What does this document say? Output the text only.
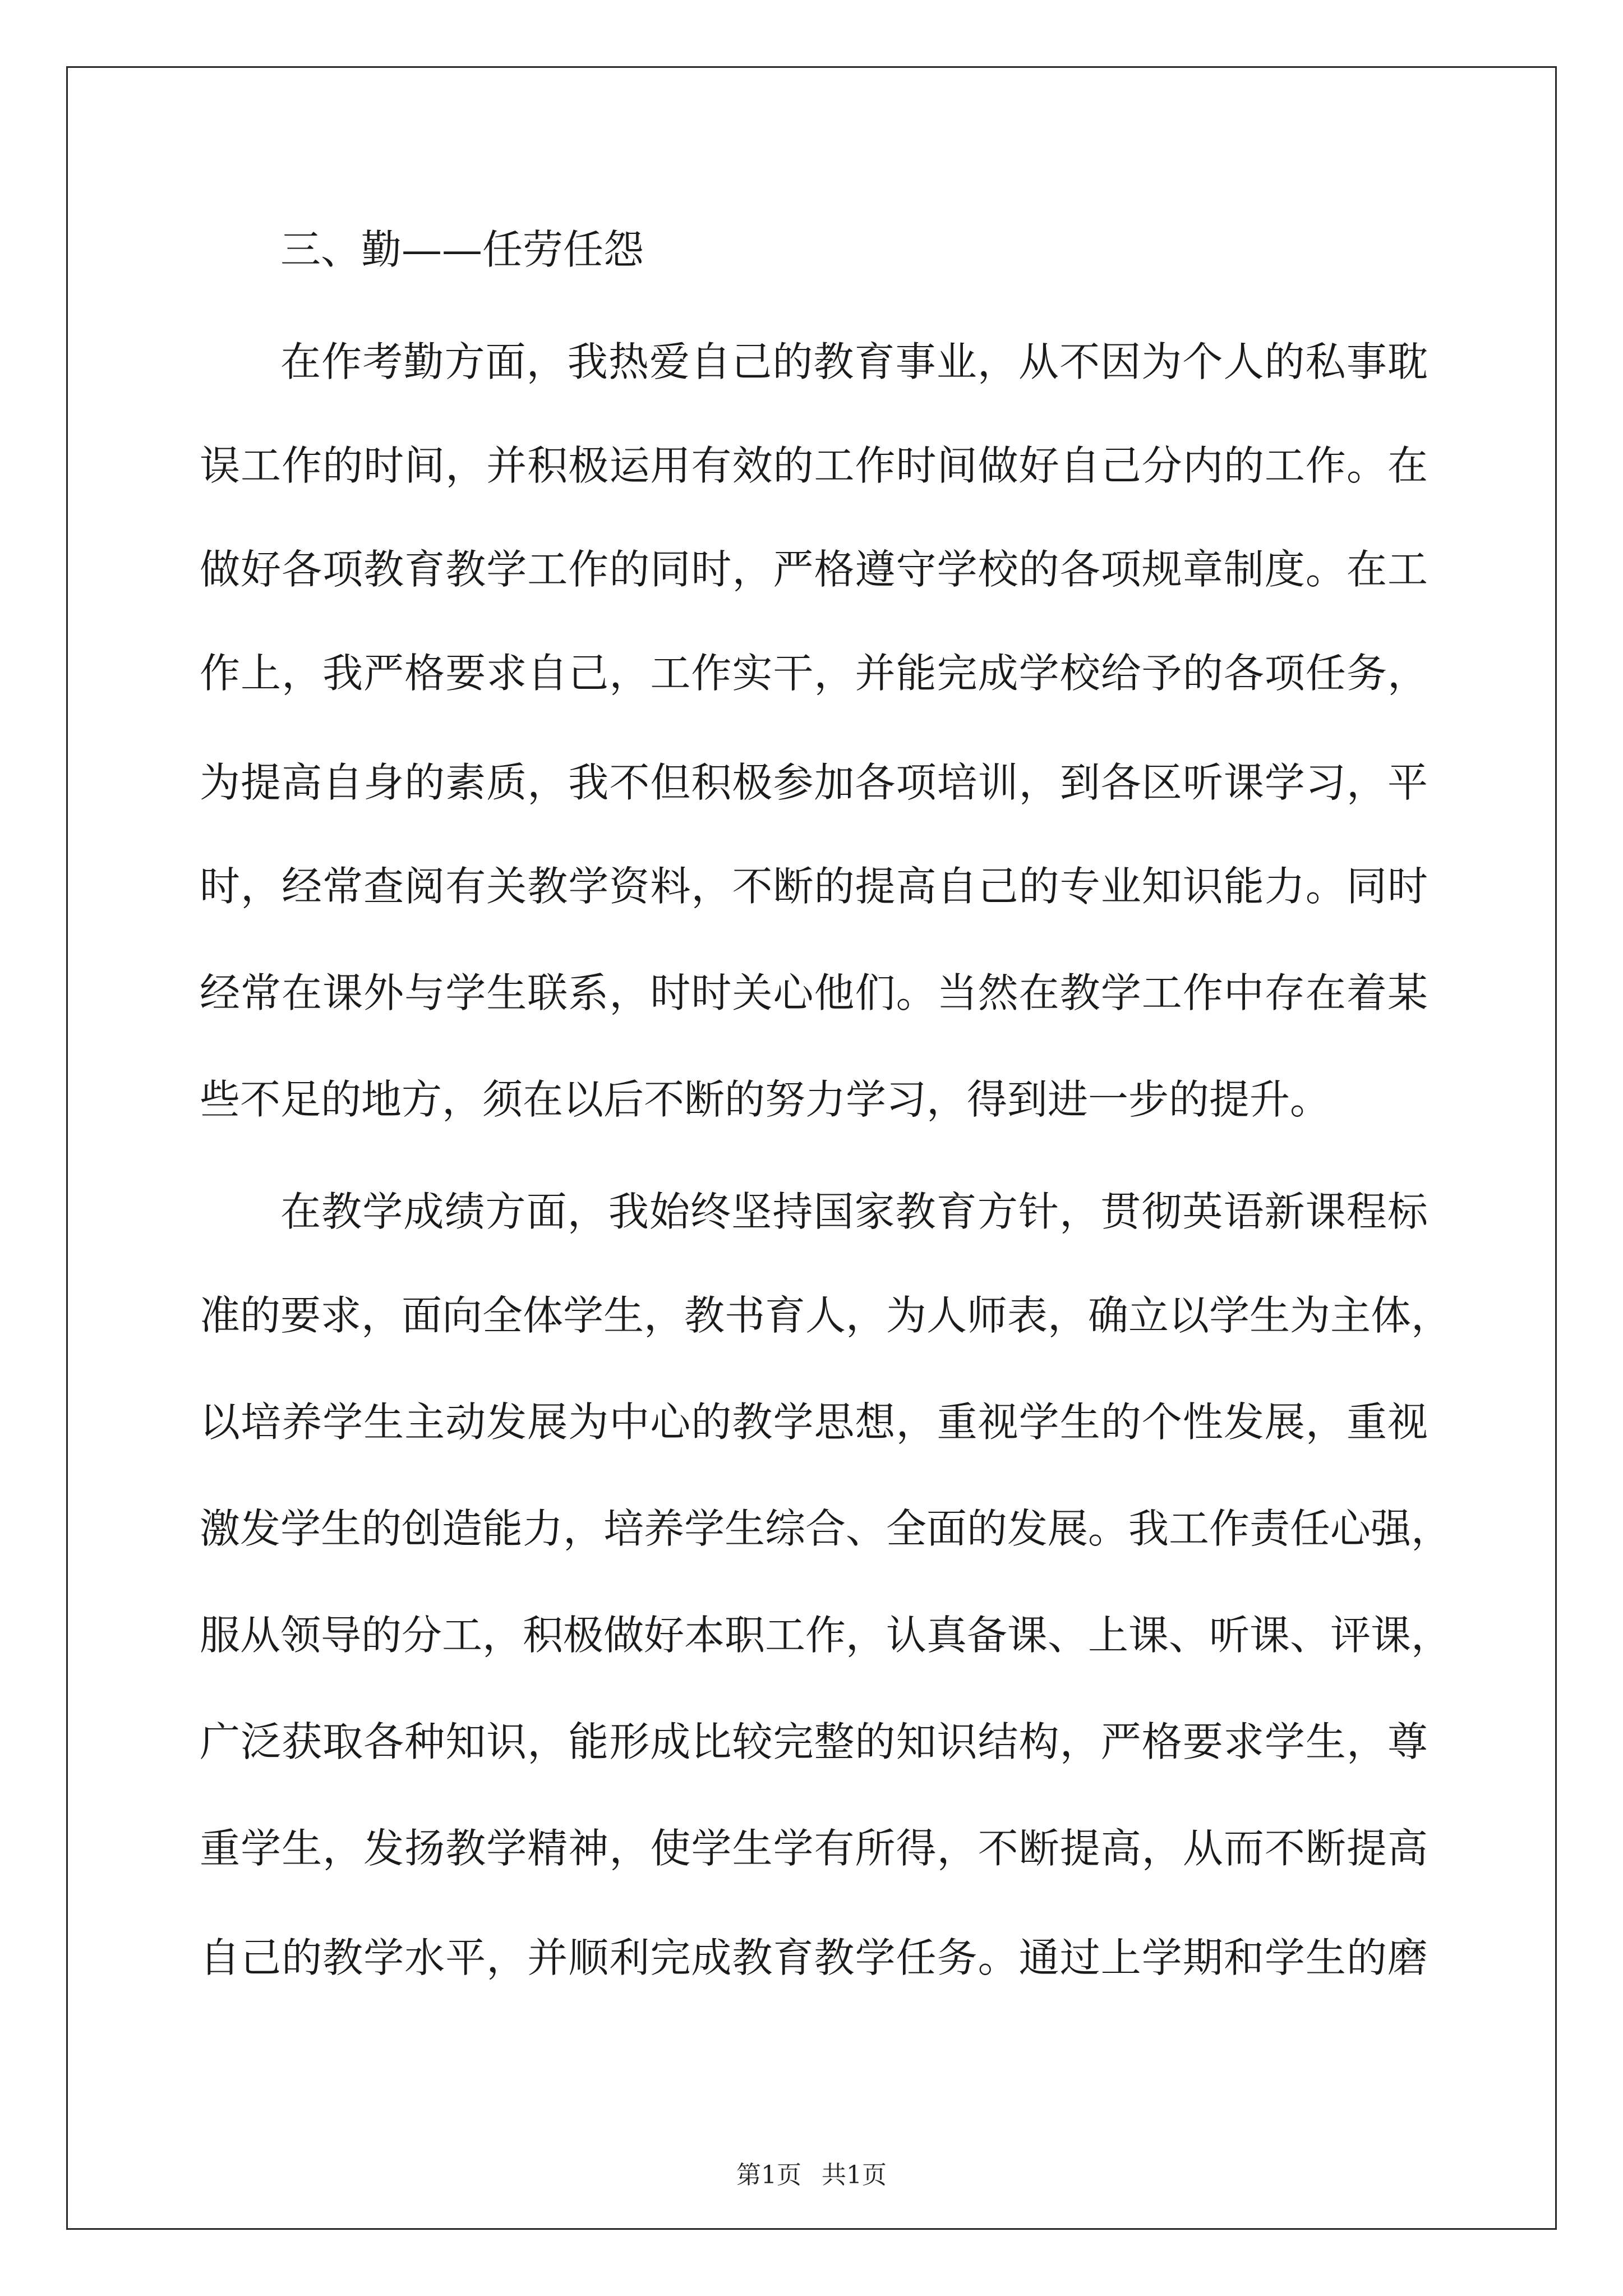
三、勤——任劳任怨
在作考勤方面，我热爱自己的教育事业，从不因为个人的私事耽
误工作的时间，并积极运用有效的工作时间做好自己分内的工作。在
做好各项教育教学工作的同时，严格遵守学校的各项规章制度。在工
作上，我严格要求自己，工作实干，并能完成学校给予的各项任务，
为提高自身的素质，我不但积极参加各项培训，到各区听课学习，平
时，经常查阅有关教学资料，不断的提高自己的专业知识能力。同时
经常在课外与学生联系，时时关心他们。当然在教学工作中存在着某
些不足的地方，须在以后不断的努力学习，得到进一步的提升。
在教学成绩方面，我始终坚持国家教育方针，贯彻英语新课程标
准的要求，面向全体学生，教书育人，为人师表，确立以学生为主体，
以培养学生主动发展为中心的教学思想，重视学生的个性发展，重视
激发学生的创造能力，培养学生综合、全面的发展。我工作责任心强，
服从领导的分工，积极做好本职工作，认真备课、上课、听课、评课，
广泛获取各种知识，能形成比较完整的知识结构，严格要求学生，尊
重学生，发扬教学精神，使学生学有所得，不断提高，从而不断提高
自己的教学水平，并顺利完成教育教学任务。通过上学期和学生的磨
第1页 共1页
